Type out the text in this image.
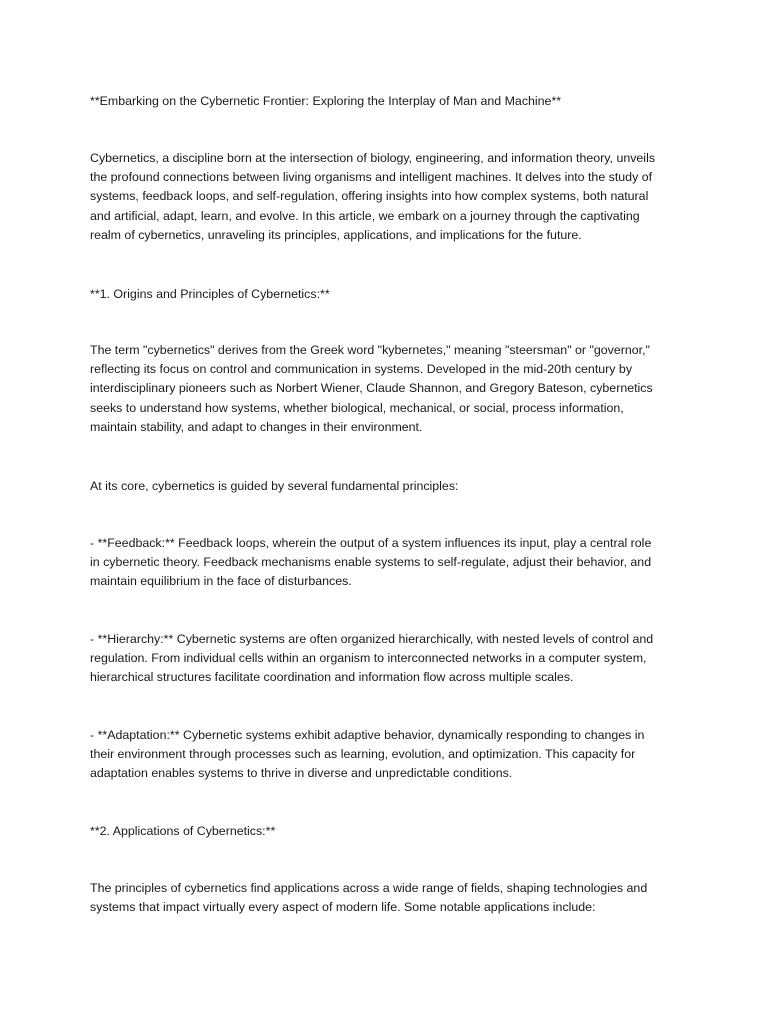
**Embarking on the Cybernetic Frontier: Exploring the Interplay of Man and Machine**

Cybernetics, a discipline born at the intersection of biology, engineering, and information theory, unveils
the profound connections between living organisms and intelligent machines. It delves into the study of
systems, feedback loops, and self-regulation, offering insights into how complex systems, both natural
and artificial, adapt, learn, and evolve. In this article, we embark on a journey through the captivating
realm of cybernetics, unraveling its principles, applications, and implications for the future.

**1. Origins and Principles of Cybernetics:**

The term "cybernetics" derives from the Greek word "kybernetes," meaning "steersman" or "governor,"
reflecting its focus on control and communication in systems. Developed in the mid-20th century by
interdisciplinary pioneers such as Norbert Wiener, Claude Shannon, and Gregory Bateson, cybernetics
seeks to understand how systems, whether biological, mechanical, or social, process information,
maintain stability, and adapt to changes in their environment.

At its core, cybernetics is guided by several fundamental principles:

- **Feedback:** Feedback loops, wherein the output of a system influences its input, play a central role
in cybernetic theory. Feedback mechanisms enable systems to self-regulate, adjust their behavior, and
maintain equilibrium in the face of disturbances.

- **Hierarchy:** Cybernetic systems are often organized hierarchically, with nested levels of control and
regulation. From individual cells within an organism to interconnected networks in a computer system,
hierarchical structures facilitate coordination and information flow across multiple scales.

- **Adaptation:** Cybernetic systems exhibit adaptive behavior, dynamically responding to changes in
their environment through processes such as learning, evolution, and optimization. This capacity for
adaptation enables systems to thrive in diverse and unpredictable conditions.

**2. Applications of Cybernetics:**

The principles of cybernetics find applications across a wide range of fields, shaping technologies and
systems that impact virtually every aspect of modern life. Some notable applications include:
